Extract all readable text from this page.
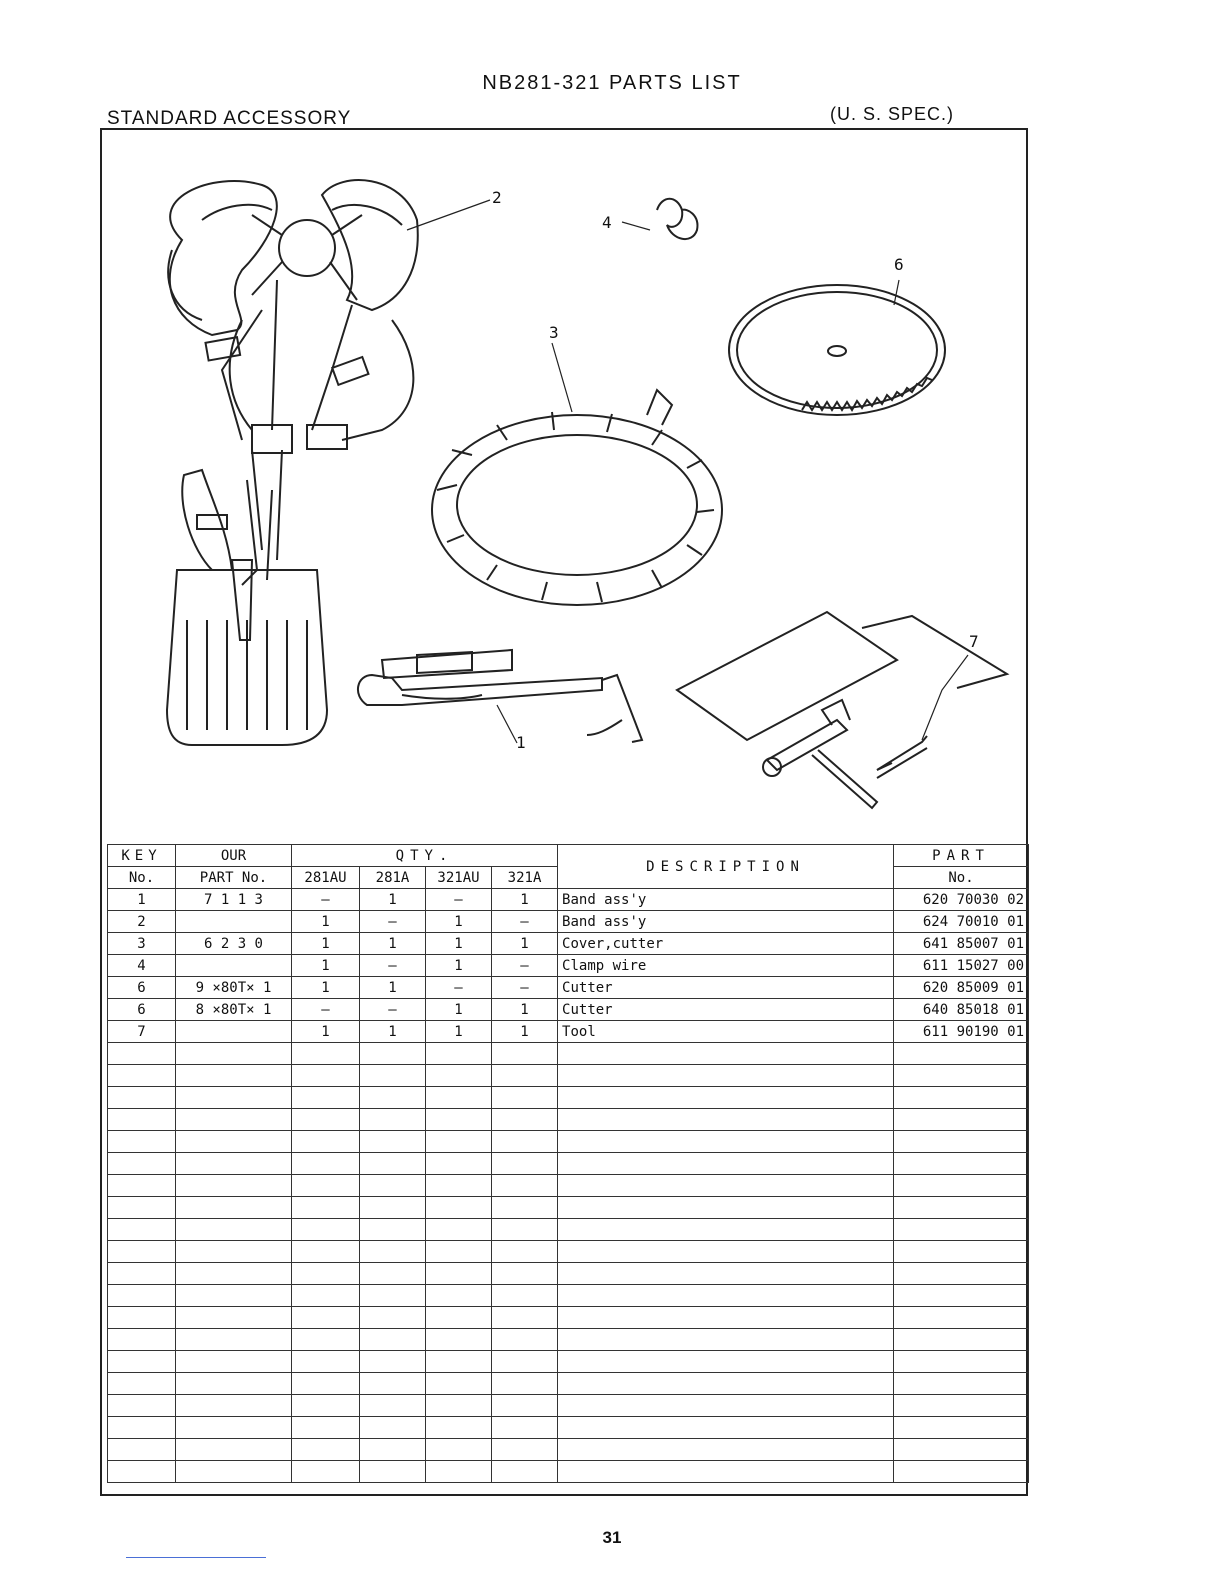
NB281-321 PARTS LIST
STANDARD ACCESSORY	(U. S. SPEC.)
2
4
6
3
7
1
KEY	OUR	QTY.				DESCRIPTION	PART
No.	PART No.	281AU	281A	321AU	321A		No.
1	7 1 1 3	—	1	—	1	Band ass'y	620 70030 02
2		1	—	1	—	Band ass'y	624 70010 01
3	6 2 3 0	1	1	1	1	Cover,cutter	641 85007 01
4		1	—	1	—	Clamp wire	611 15027 00
6	9 ×80T× 1	1	1	—	—	Cutter	620 85009 01
6	8 ×80T× 1	—	—	1	1	Cutter	640 85018 01
7		1	1	1	1	Tool	611 90190 01

31
